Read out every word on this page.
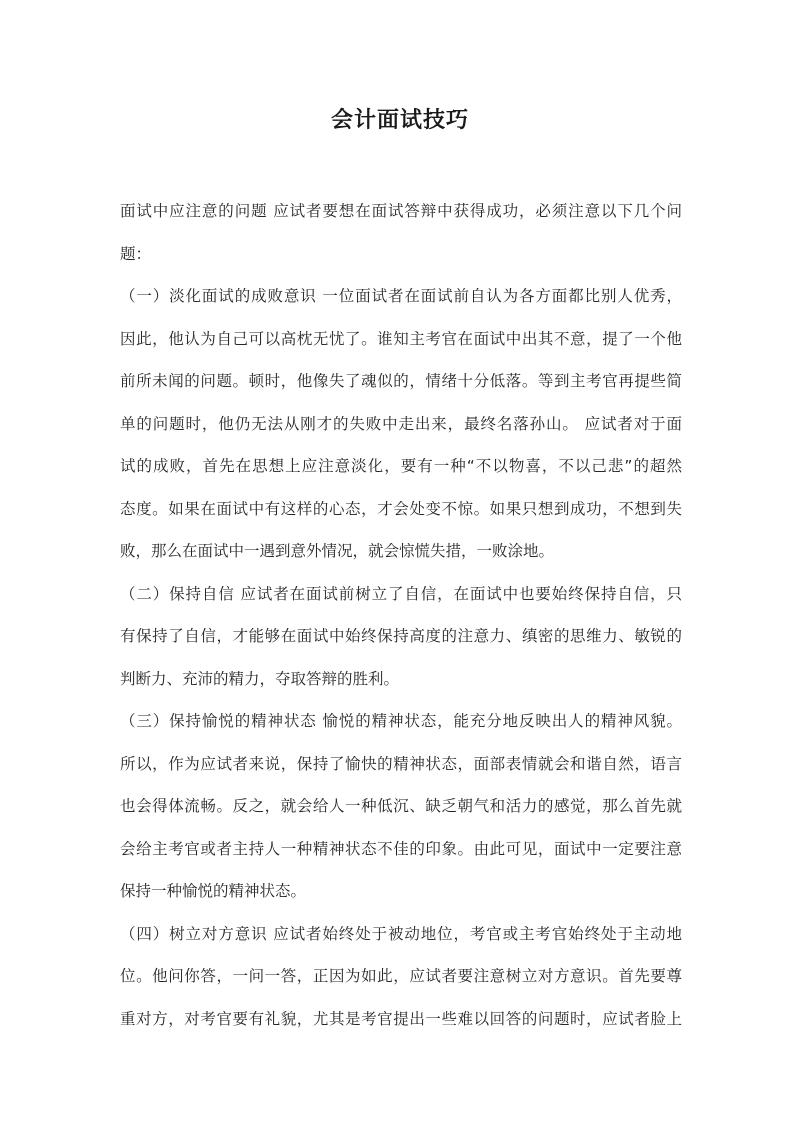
会计面试技巧
面试中应注意的问题 应试者要想在面试答辩中获得成功，必须注意以下几个问
题：
（一）淡化面试的成败意识 一位面试者在面试前自认为各方面都比别人优秀，
因此，他认为自己可以高枕无忧了。谁知主考官在面试中出其不意，提了一个他
前所未闻的问题。顿时，他像失了魂似的，情绪十分低落。等到主考官再提些简
单的问题时，他仍无法从刚才的失败中走出来，最终名落孙山。 应试者对于面
试的成败，首先在思想上应注意淡化，要有一种“不以物喜，不以己悲”的超然
态度。如果在面试中有这样的心态，才会处变不惊。如果只想到成功，不想到失
败，那么在面试中一遇到意外情况，就会惊慌失措，一败涂地。
（二）保持自信 应试者在面试前树立了自信，在面试中也要始终保持自信，只
有保持了自信，才能够在面试中始终保持高度的注意力、缜密的思维力、敏锐的
判断力、充沛的精力，夺取答辩的胜利。
（三）保持愉悦的精神状态 愉悦的精神状态，能充分地反映出人的精神风貌。
所以，作为应试者来说，保持了愉快的精神状态，面部表情就会和谐自然，语言
也会得体流畅。反之，就会给人一种低沉、缺乏朝气和活力的感觉，那么首先就
会给主考官或者主持人一种精神状态不佳的印象。由此可见，面试中一定要注意
保持一种愉悦的精神状态。
（四）树立对方意识 应试者始终处于被动地位，考官或主考官始终处于主动地
位。他问你答，一问一答，正因为如此，应试者要注意树立对方意识。首先要尊
重对方，对考官要有礼貌，尤其是考官提出一些难以回答的问题时，应试者脸上
